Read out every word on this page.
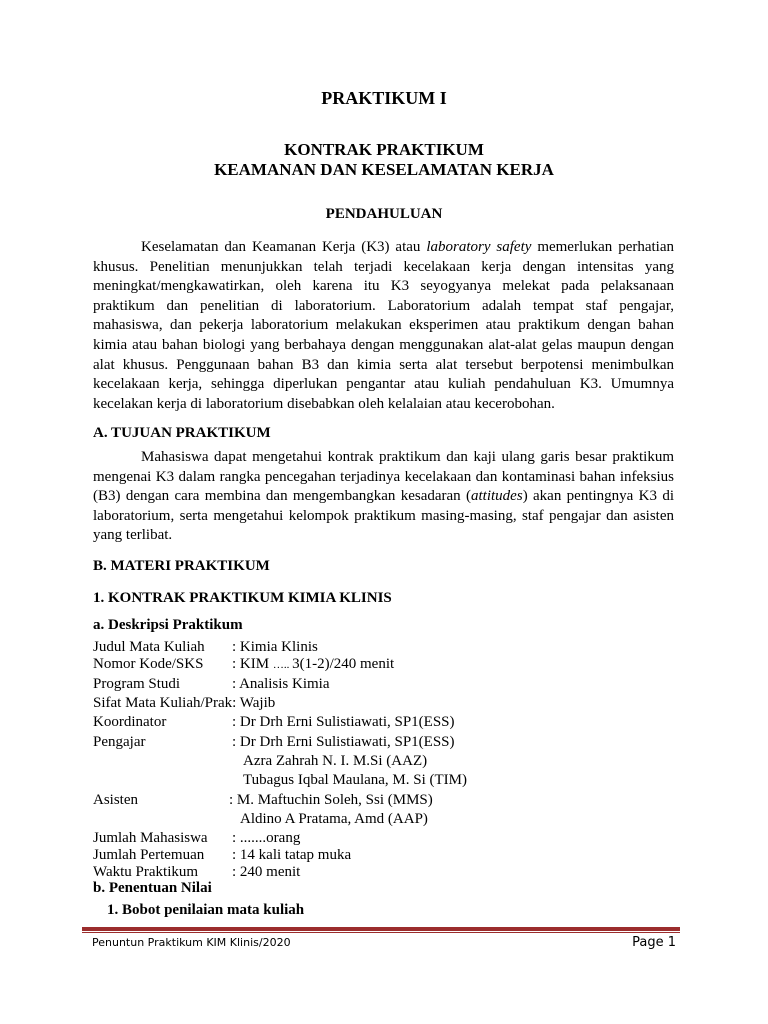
PRAKTIKUM I
KONTRAK PRAKTIKUM
KEAMANAN DAN KESELAMATAN KERJA
PENDAHULUAN
Keselamatan dan Keamanan Kerja (K3) atau laboratory safety memerlukan perhatian khusus. Penelitian menunjukkan telah terjadi kecelakaan kerja dengan intensitas yang meningkat/mengkawatirkan, oleh karena itu K3 seyogyanya melekat pada pelaksanaan praktikum dan penelitian di laboratorium. Laboratorium adalah tempat staf pengajar, mahasiswa, dan pekerja laboratorium melakukan eksperimen atau praktikum dengan bahan kimia atau bahan biologi yang berbahaya dengan menggunakan alat-alat gelas maupun dengan alat khusus. Penggunaan bahan B3 dan kimia serta alat tersebut berpotensi menimbulkan kecelakaan kerja, sehingga diperlukan pengantar atau kuliah pendahuluan K3. Umumnya kecelakan kerja di laboratorium disebabkan oleh kelalaian atau kecerobohan.
A. TUJUAN PRAKTIKUM
Mahasiswa dapat mengetahui kontrak praktikum dan kaji ulang garis besar praktikum mengenai K3 dalam rangka pencegahan terjadinya kecelakaan dan kontaminasi bahan infeksius (B3) dengan cara membina dan mengembangkan kesadaran (attitudes) akan pentingnya K3 di laboratorium, serta mengetahui kelompok praktikum masing-masing, staf pengajar dan asisten yang terlibat.
B. MATERI PRAKTIKUM
1. KONTRAK PRAKTIKUM KIMIA KLINIS
a. Deskripsi Praktikum
Judul Mata Kuliah : Kimia Klinis
Nomor Kode/SKS : KIM ….. 3(1-2)/240 menit
Program Studi	: Analisis Kimia
Sifat Mata Kuliah/Prak: Wajib
Koordinator	: Dr Drh Erni Sulistiawati, SP1(ESS)
Pengajar	: Dr Drh Erni Sulistiawati, SP1(ESS)
Azra Zahrah N. I. M.Si (AAZ)
Tubagus Iqbal Maulana, M. Si (TIM)
Asisten	: M. Maftuchin Soleh, Ssi (MMS)
Aldino A Pratama, Amd (AAP)
Jumlah Mahasiswa : .......orang
Jumlah Pertemuan : 14 kali tatap muka
Waktu Praktikum : 240 menit
b. Penentuan Nilai
1. Bobot penilaian mata kuliah
Penuntun Praktikum KIM Klinis/2020	Page 1
